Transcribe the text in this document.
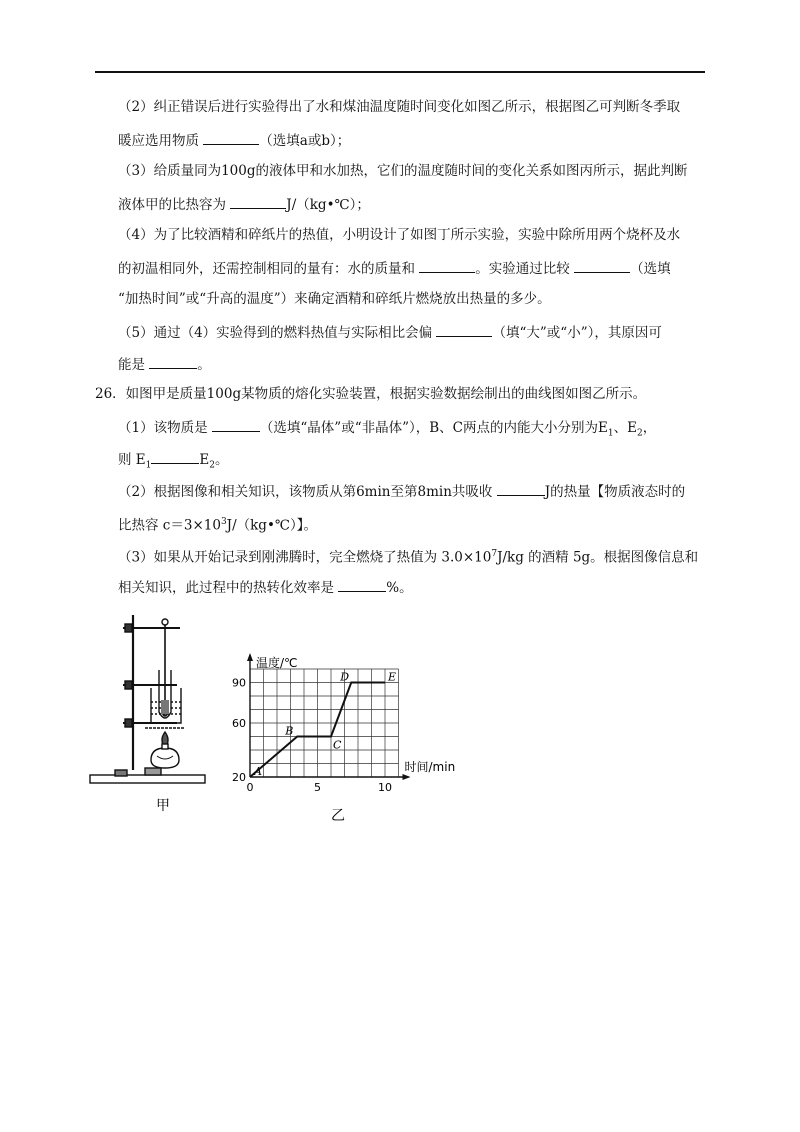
（2）纠正错误后进行实验得出了水和煤油温度随时间变化如图乙所示，根据图乙可判断冬季取
暖应选用物质	（选填a或b）；
（3）给质量同为100g的液体甲和水加热，它们的温度随时间的变化关系如图丙所示，据此判断
液体甲的比热容为	J/（kg•℃）；
（4）为了比较酒精和碎纸片的热值，小明设计了如图丁所示实验，实验中除所用两个烧杯及水
的初温相同外，还需控制相同的量有：水的质量和	。实验通过比较	（选填
“加热时间”或“升高的温度”）来确定酒精和碎纸片燃烧放出热量的多少。
（5）通过（4）实验得到的燃料热值与实际相比会偏	（填“大”或“小”），其原因可
能是	。
26．如图甲是质量100g某物质的熔化实验装置，根据实验数据绘制出的曲线图如图乙所示。
（1）该物质是	（选填“晶体”或“非晶体”），B、C两点的内能大小分别为$E_1$、$E_2$，
则 $E_1$	$E_2$。
（2）根据图像和相关知识，该物质从第6min至第8min共吸收	J的热量【物质液态时的
比热容 $c=3\times 10^3J/(kg•℃)$】。
（3）如果从开始记录到刚沸腾时，完全燃烧了热值为 $3.0\times 10^7J/kg$ 的酒精 5g。根据图像信息和
相关知识，此过程中的热转化效率是	%。
甲
20
60
90
0	5	10
A
B
C
D	E
温度/℃
时间/min
乙
